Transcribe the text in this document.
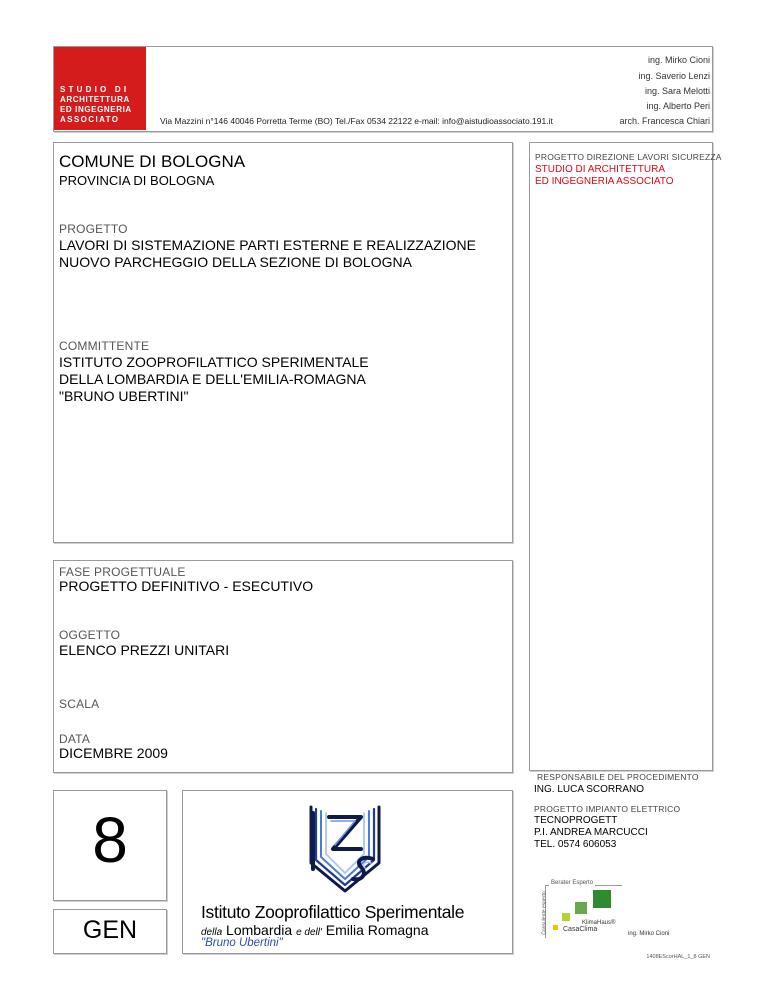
STUDIO DI
ARCHITETTURA
ED INGEGNERIA
ASSOCIATO	Via Mazzini n°146 40046 Porretta Terme (BO) Tel./Fax 0534 22122 e-mail: info@aistudioassociato.191.it
ing. Mirko Cioni
ing. Saverio Lenzi
ing. Sara Melotti
ing. Alberto Peri
arch. Francesca Chiari
COMUNE DI BOLOGNA
PROVINCIA DI BOLOGNA
PROGETTO
LAVORI DI SISTEMAZIONE PARTI ESTERNE E REALIZZAZIONE
NUOVO PARCHEGGIO DELLA SEZIONE DI BOLOGNA
COMMITTENTE
ISTITUTO ZOOPROFILATTICO SPERIMENTALE
DELLA LOMBARDIA E DELL'EMILIA-ROMAGNA
"BRUNO UBERTINI"
PROGETTO DIREZIONE LAVORI SICUREZZA
STUDIO DI ARCHITETTURA
ED INGEGNERIA ASSOCIATO
RESPONSABILE DEL PROCEDIMENTO
ING. LUCA SCORRANO
PROGETTO IMPIANTO ELETTRICO
TECNOPROGETT
P.I. ANDREA MARCUCCI
TEL. 0574 606053
FASE PROGETTUALE
PROGETTO DEFINITIVO - ESECUTIVO
OGGETTO
ELENCO PREZZI UNITARI
SCALA
DATA
DICEMBRE 2009
8
GEN
Istituto Zooprofilattico Sperimentale
della Lombardia e dell' Emilia Romagna
"Bruno Ubertini"
Berater Esperto
Consulente esperto	KlimaHaus®
CasaClima
ing. Mirko Cioni
1408EScorHAL_1_8 GEN
